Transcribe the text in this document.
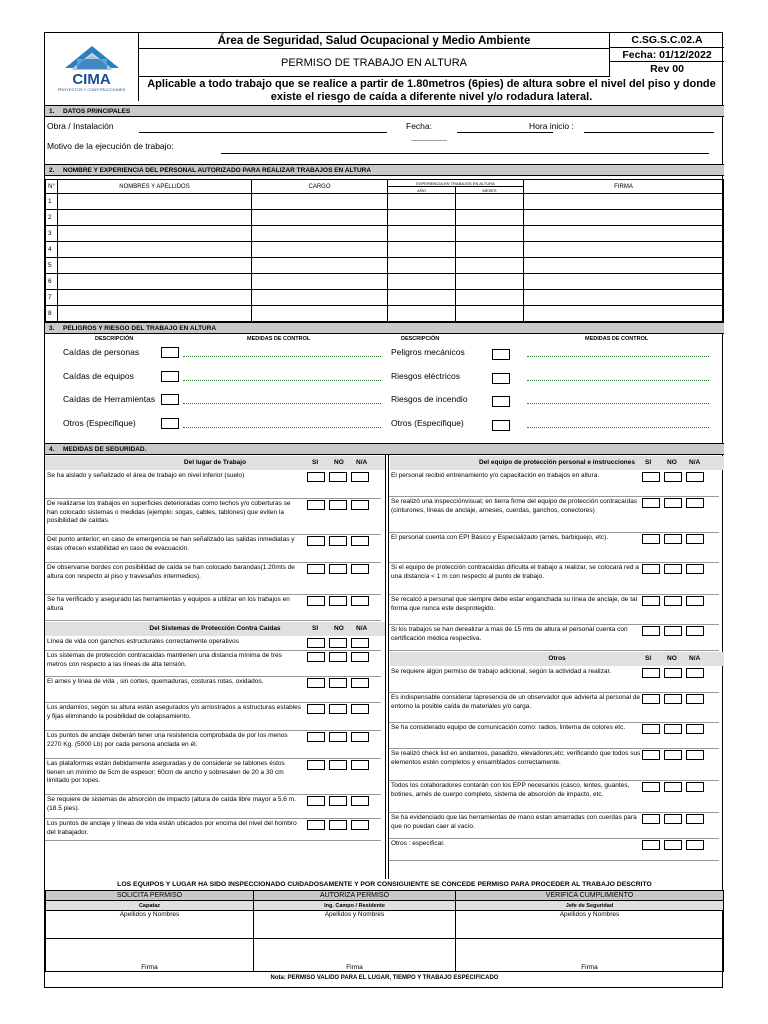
CIMA
PROYECTOS Y CONSTRUCCIONES
Área de Seguridad, Salud Ocupacional y Medio Ambiente
PERMISO DE TRABAJO EN ALTURA
C.SG.S.C.02.A
Fecha: 01/12/2022
Rev 00
Aplicable a todo trabajo que se realice a partir de 1.80metros (6pies) de altura sobre el nivel del piso y donde existe el riesgo de caída a diferente nivel y/o rodadura lateral.
1. DATOS PRINCIPALES
Obra / Instalación	Fecha:	Hora inicio :
Motivo de la ejecución de trabajo:	------------------
2. NOMBRE Y EXPERIENCIA DEL PERSONAL AUTORIZADO PARA REALIZAR TRABAJOS EN ALTURA
N°	NOMBRES Y APELLIDOS	CARGO	EXPERIENCIA EN TRABAJOS EN ALTURA		FIRMA
			AÑO	MESES	
1					
2					
3					
4					
5					
6					
7					
8					
3. PELIGROS Y RIESGO DEL TRABAJO EN ALTURA
DESCRIPCIÓN	MEDIDAS DE CONTROL	DESCRIPCIÓN	MEDIDAS DE CONTROL
Caídas de personas
Caídas de equipos
Caídas de Herramientas
Otros (Especifique)
Peligros mecánicos
Riesgos eléctricos
Riesgos de incendio
Otros (Especifique)
4. MEDIDAS DE SEGURIDAD.
Del lugar de Trabajo	SI NO N/A
Se ha aislado y señalizado el área de trabajo en nivel inferior (suelo)
De realizarse los trabajos en superficies deterioradas como techos y/o coberturas se han colocado sistemas o medidas (ejemplo: sogas, cables, tablones) que eviten la posibilidad de caídas.
Del punto anterior; en caso de emergencia se han señalizado las salidas inmediatas y éstas ofrecen estabilidad en caso de evacuación.
De observarse bordes con posibilidad de caída se han colocado barandas(1.20mts de altura con respecto al piso y travesaños intermedios).
Se ha verificado y asegurado las herramientas y equipos a utilizar en los trabajos en altura
Del Sistemas de Protección Contra Caídas	SI NO N/A
Línea de vida con ganchos estructurales correctamente operativos
Los sistemas de protección contracaídas mantienen una distancia mínima de tres metros con respecto a las líneas de alta tensión.
El arnes y línea de vida , sin cortes, quemaduras, costuras rotas, oxidados.
Los andamios, según su altura están asegurados y/o arriostrados a estructuras estables y fijas eliminando la posibilidad de colapsamiento.
Los puntos de anclaje deberán tener una resistencia comprobada de por los menos 2270 Kg. (5000 Lb) por cada persona anclada en él.
Las plataformas están debidamente aseguradas y de considerar se tablones éstos tienen un mínimo de 5cm de espesor; 60cm de ancho y sobresalen de 20 a 30 cm limitado por topes.
Se requiere de sistemas de absorción de impacto (altura de caída libre mayor a 5.6 m. (18.5 pies).
Los puntos de anclaje y líneas de vida están ubicados por encima del nivel del hombro del trabajador.
Del equipo de protección personal e instrucciones	SI NO N/A
El personal recibió entrenamiento y/o capacitación en trabajos en altura.
Se realizó una inspecciónvisual; en tierra firme del equipo de protección contracaídas (cinturones, líneas de anclaje, arneses, cuerdas, ganchos, conectores)
El personal cuenta con EPI Básico y Especializado (arnés, barbiquejo, etc).
Si el equipo de protección contracaídas dificulta el trabajo a realizar, se colocará red a una distancia < 1 m con respecto al punto de trabajo.
Se recalcó a personal que siempre debe estar enganchada su línea de anclaje, de tal forma que nunca este desprotegido.
Si los trabajos se han derealizar a mas de 15 mts de altura el personal cuenta con certificación médica respectiva.
Otros	SI NO N/A
Se requiere algún permiso de trabajo adicional, según la actividad a realizar.
Es indispensable considerar lapresencia de un observador que advierta al personal de entorno la posible caída de materiales y/o carga.
Se ha considerado equipo de comunicación como: radios, linterna de colores etc.
Se realizó check list en andamios, pasadizo, elevadores,etc; verificando que todos sus elementos estén completos y ensamblados correctamente.
Todos los colaboradores contarán con los EPP necesarios (casco, lentes, guantes, botines, arnés de cuerpo completo, sistema de absorción de impacto, etc.
Se ha evidenciado que las herramientas de mano estan amarradas con cuerdas para que no puedan caer al vacío.
Otros : especificar.
LOS EQUIPOS Y LUGAR HA SIDO INSPECCIONADO CUIDADOSAMENTE Y POR CONSIGUIENTE SE CONCEDE PERMISO PARA PROCEDER AL TRABAJO DESCRITO
SOLICITA PERMISO	AUTORIZA PERMISO	VERIFICA CUMPLIMIENTO
Capataz	Ing. Campo / Residente	Jefe de Seguridad
Apellidos y Nombres	Apellidos y Nombres	Apellidos y Nombres
Firma	Firma	Firma
Nota: PERMISO VALIDO PARA EL LUGAR, TIEMPO Y TRABAJO ESPECIFICADO
